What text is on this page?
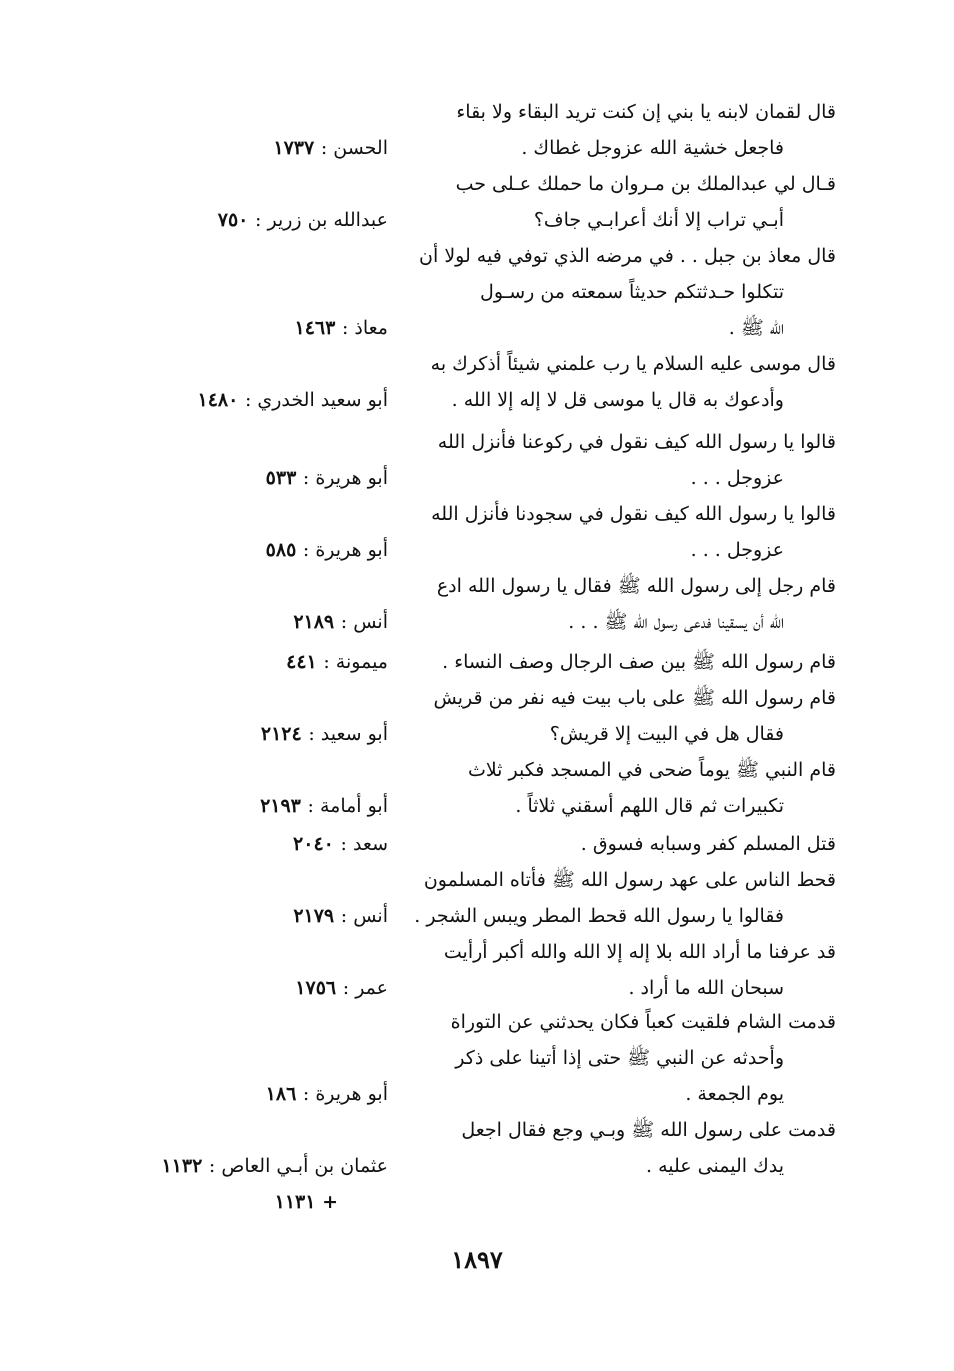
قال لقمان لابنه يا بني إن كنت تريد البقاء ولا بقاء
فاجعل خشية الله عزوجل غطاك .
الحسن : ١٧٣٧
قـال لي عبدالملك بن مـروان ما حملك عـلى حب
أبـي تراب إلا أنك أعرابـي جاف؟
عبدالله بن زرير : ٧٥٠
قال معاذ بن جبل . . في مرضه الذي توفي فيه لولا أن
تتكلوا حـدثتكم حديثاً سمعته من رسـول
الله ﷺ .
معاذ : ١٤٦٣
قال موسى عليه السلام يا رب علمني شيئاً أذكرك به
وأدعوك به قال يا موسى قل لا إله إلا الله .
أبو سعيد الخدري : ١٤٨٠
قالوا يا رسول الله كيف نقول في ركوعنا فأنزل الله
عزوجل . . .
أبو هريرة : ٥٣٣
قالوا يا رسول الله كيف نقول في سجودنا فأنزل الله
عزوجل . . .
أبو هريرة : ٥٨٥
قام رجل إلى رسول الله ﷺ فقال يا رسول الله ادع
الله أن يسقينا فدعى رسول الله ﷺ . . .
أنس : ٢١٨٩
قام رسول الله ﷺ بين صف الرجال وصف النساء .
ميمونة : ٤٤١
قام رسول الله ﷺ على باب بيت فيه نفر من قريش
فقال هل في البيت إلا قريش؟
أبو سعيد : ٢١٢٤
قام النبي ﷺ يوماً ضحى في المسجد فكبر ثلاث
تكبيرات ثم قال اللهم أسقني ثلاثاً .
أبو أمامة : ٢١٩٣
قتل المسلم كفر وسبابه فسوق .
سعد : ٢٠٤٠
قحط الناس على عهد رسول الله ﷺ فأتاه المسلمون
فقالوا يا رسول الله قحط المطر ويبس الشجر .
أنس : ٢١٧٩
قد عرفنا ما أراد الله بلا إله إلا الله والله أكبر أرأيت
سبحان الله ما أراد .
عمر : ١٧٥٦
قدمت الشام فلقيت كعباً فكان يحدثني عن التوراة
وأحدثه عن النبي ﷺ حتى إذا أتينا على ذكر
يوم الجمعة .
أبو هريرة : ١٨٦
قدمت على رسول الله ﷺ وبـي وجع فقال اجعل
يدك اليمنى عليه .
عثمان بن أبـي العاص : ١١٣٢
+ ١١٣١
١٨٩٧
